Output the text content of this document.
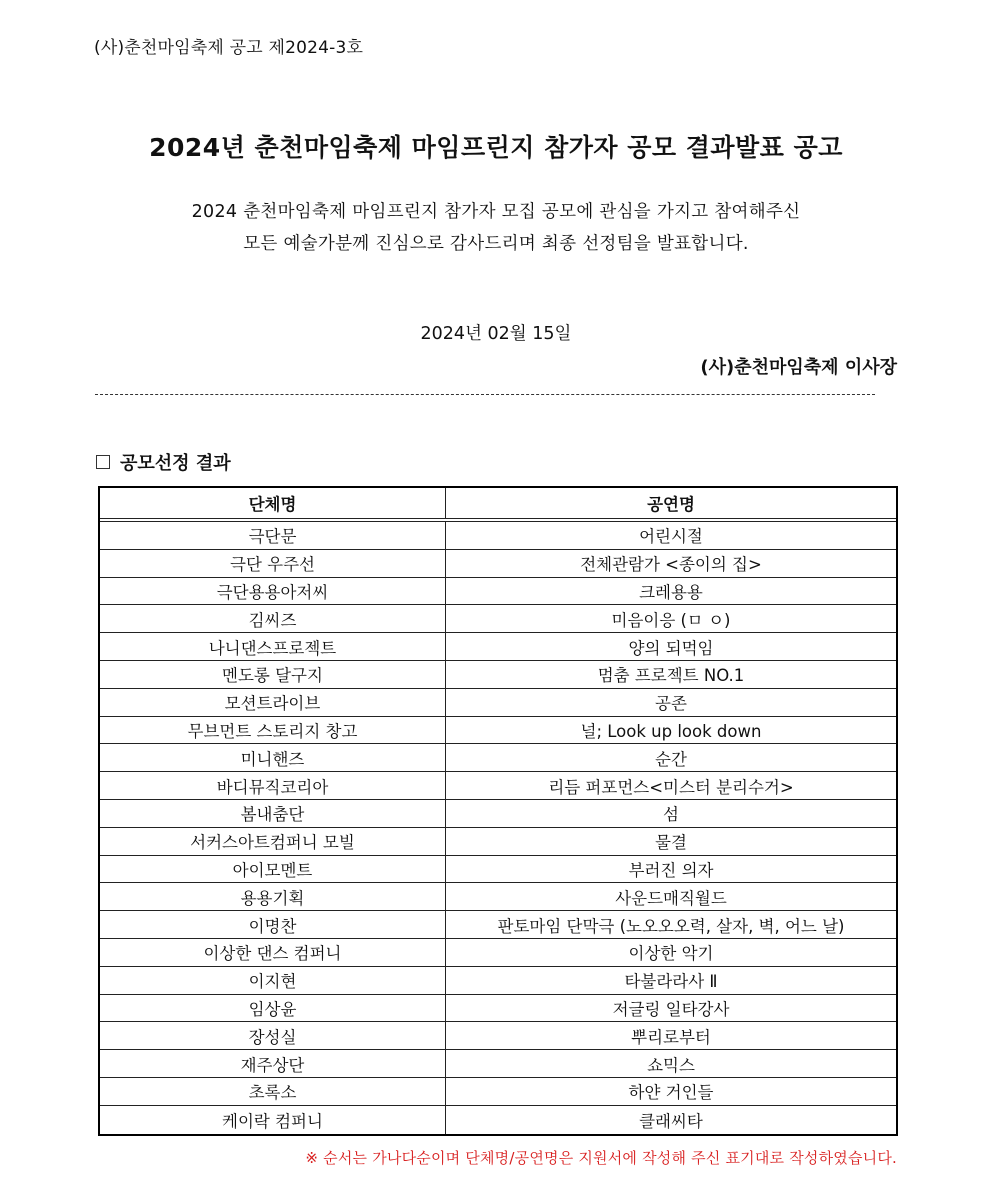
(사)춘천마임축제 공고 제2024-3호
2024년 춘천마임축제 마임프린지 참가자 공모 결과발표 공고
2024 춘천마임축제 마임프린지 참가자 모집 공모에 관심을 가지고 참여해주신
모든 예술가분께 진심으로 감사드리며 최종 선정팀을 발표합니다.
2024년 02월 15일
(사)춘천마임축제 이사장
공모선정 결과
단체명	공연명
극단문	어린시절
극단 우주선	전체관람가 <종이의 집>
극단용용아저씨	크레용용
김씨즈	미음이응 (ㅁ ㅇ)
나니댄스프로젝트	양의 되먹임
멘도롱 달구지	멈춤 프로젝트 NO.1
모션트라이브	공존
무브먼트 스토리지 창고	널; Look up look down
미니핸즈	순간
바디뮤직코리아	리듬 퍼포먼스<미스터 분리수거>
봄내춤단	섬
서커스아트컴퍼니 모빌	물결
아이모멘트	부러진 의자
용용기획	사운드매직월드
이명찬	판토마임 단막극 (노오오오력, 살자, 벽, 어느 날)
이상한 댄스 컴퍼니	이상한 악기
이지현	타불라라사 Ⅱ
임상윤	저글링 일타강사
장성실	뿌리로부터
재주상단	쇼믹스
초록소	하얀 거인들
케이락 컴퍼니	클래씨타
※ 순서는 가나다순이며 단체명/공연명은 지원서에 작성해 주신 표기대로 작성하였습니다.
